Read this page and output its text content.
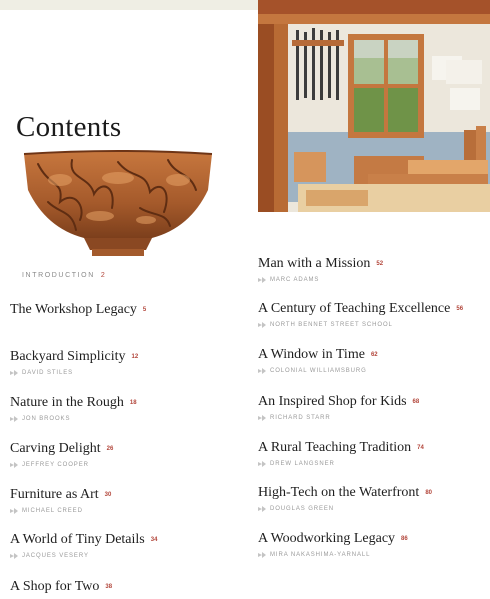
Contents
INTRODUCTION 2
The Workshop Legacy 5
Backyard Simplicity 12
DAVID STILES
Nature in the Rough 18
JON BROOKS
Carving Delight 26
JEFFREY COOPER
Furniture as Art 30
MICHAEL CREED
A World of Tiny Details 34
JACQUES VESERY
A Shop for Two 38
Man with a Mission 52
MARC ADAMS
A Century of Teaching Excellence 56
NORTH BENNET STREET SCHOOL
A Window in Time 62
COLONIAL WILLIAMSBURG
An Inspired Shop for Kids 68
RICHARD STARR
A Rural Teaching Tradition 74
DREW LANGSNER
High-Tech on the Waterfront 80
DOUGLAS GREEN
A Woodworking Legacy 86
MIRA NAKASHIMA-YARNALL
